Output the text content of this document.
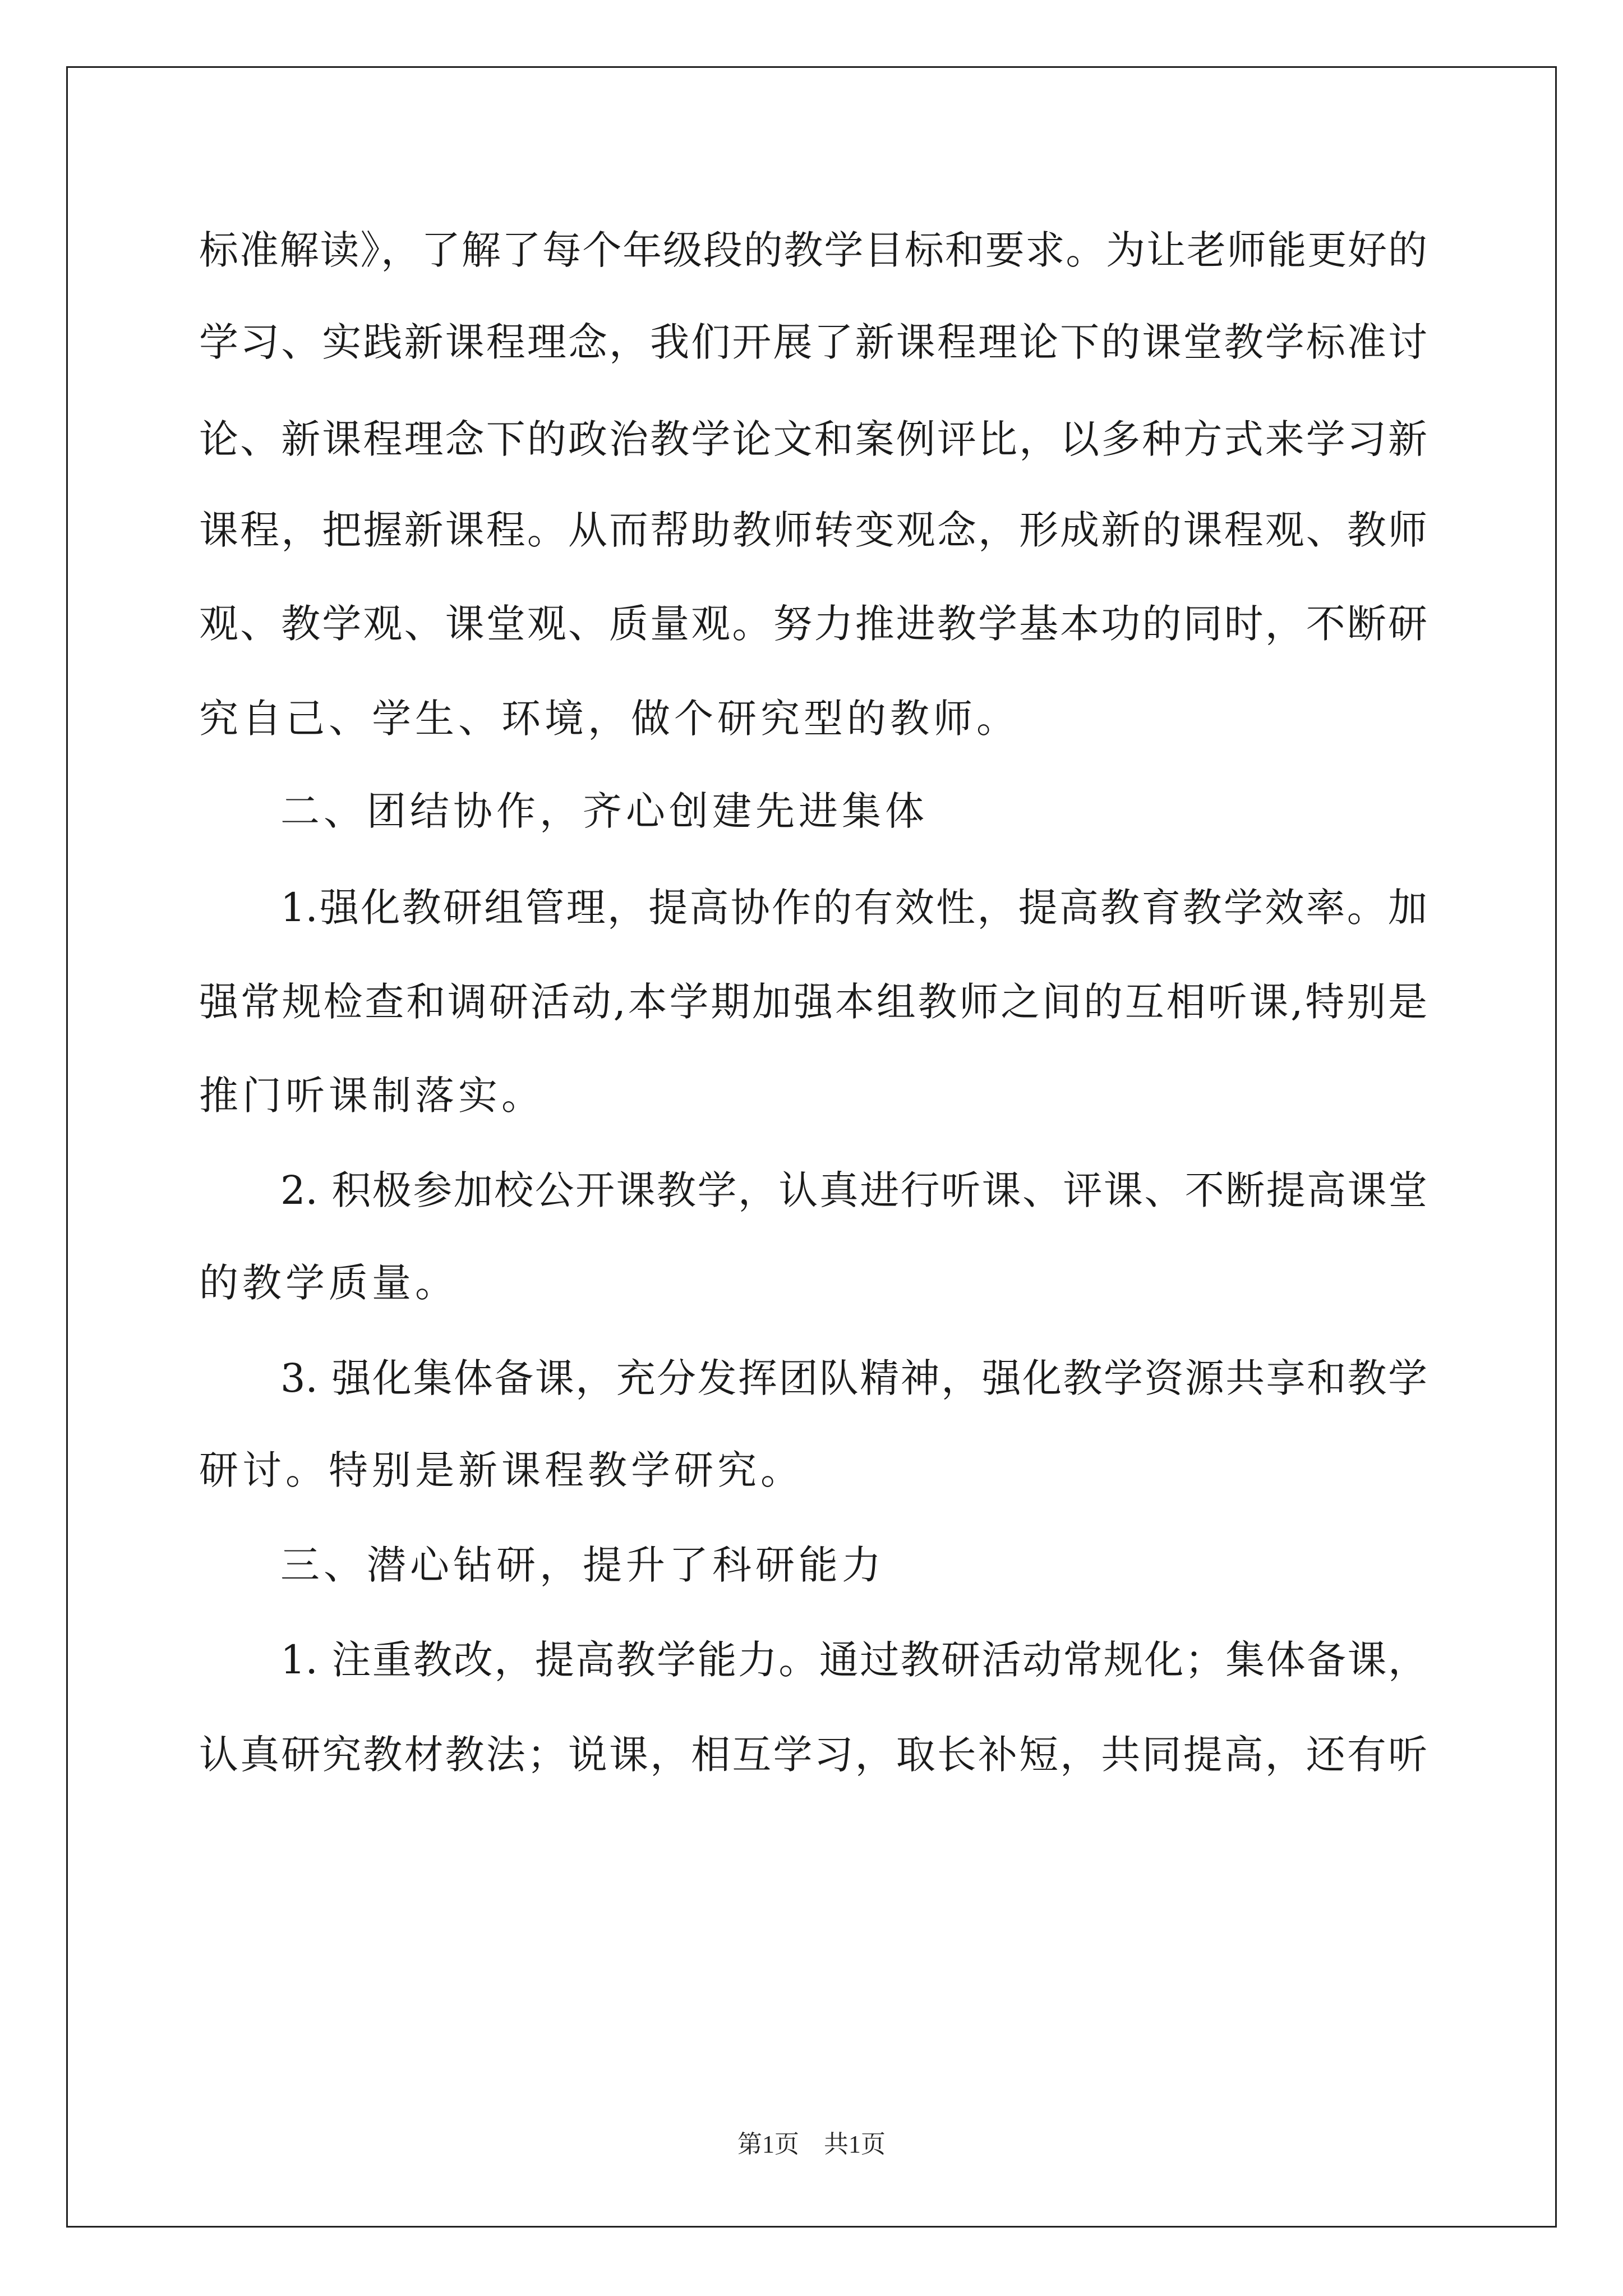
标准解读》，了解了每个年级段的教学目标和要求。为让老师能更好的
学习、实践新课程理念，我们开展了新课程理论下的课堂教学标准讨
论、新课程理念下的政治教学论文和案例评比，以多种方式来学习新
课程，把握新课程。从而帮助教师转变观念，形成新的课程观、教师
观、教学观、课堂观、质量观。努力推进教学基本功的同时，不断研
究自己、学生、环境，做个研究型的教师。
二、团结协作，齐心创建先进集体
1.强化教研组管理，提高协作的有效性，提高教育教学效率。加
强常规检查和调研活动,本学期加强本组教师之间的互相听课,特别是
推门听课制落实。
2. 积极参加校公开课教学，认真进行听课、评课、不断提高课堂
的教学质量。
3. 强化集体备课，充分发挥团队精神，强化教学资源共享和教学
研讨。特别是新课程教学研究。
三、潜心钻研，提升了科研能力
1. 注重教改，提高教学能力。通过教研活动常规化；集体备课，
认真研究教材教法；说课，相互学习，取长补短，共同提高，还有听
第1页　共1页
